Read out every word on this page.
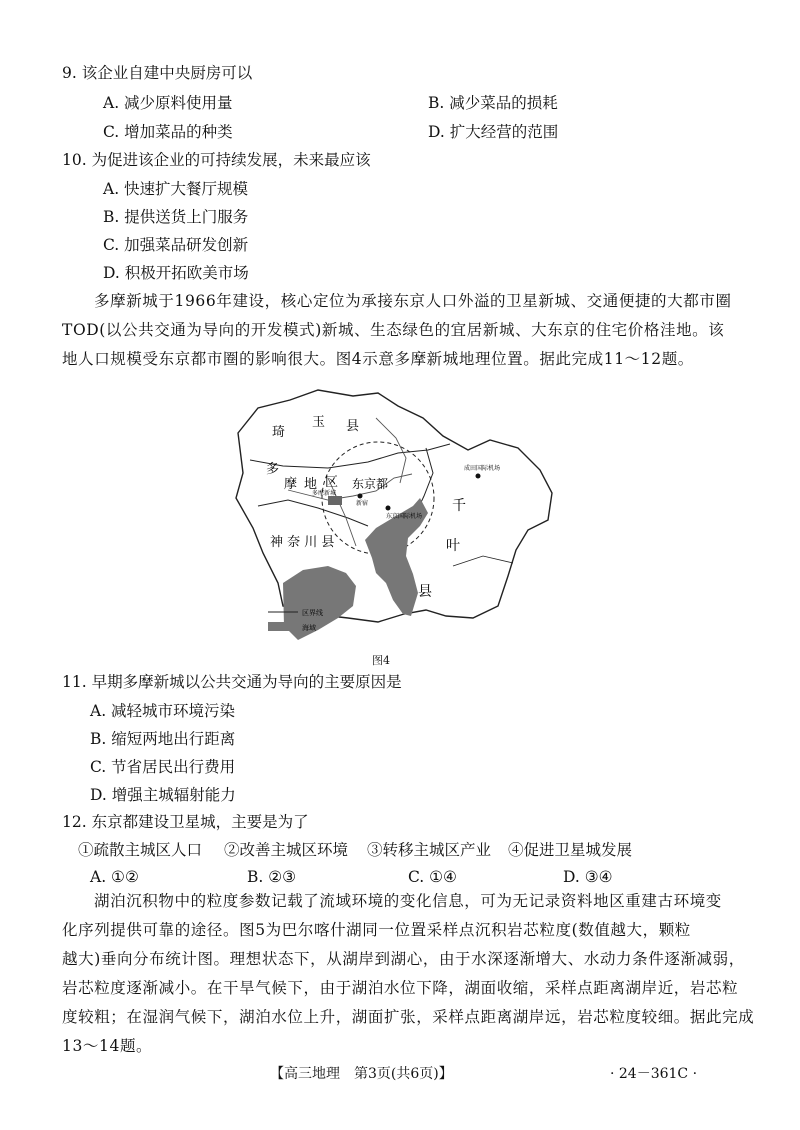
9. 该企业自建中央厨房可以
A. 减少原料使用量	B. 减少菜品的损耗
C. 增加菜品的种类	D. 扩大经营的范围
10. 为促进该企业的可持续发展，未来最应该
A. 快速扩大餐厅规模
B. 提供送货上门服务
C. 加强菜品研发创新
D. 积极开拓欧美市场
多摩新城于1966年建设，核心定位为承接东京人口外溢的卫星新城、交通便捷的大都市圈
TOD(以公共交通为导向的开发模式)新城、生态绿色的宜居新城、大东京的住宅价格洼地。该
地人口规模受东京都市圈的影响很大。图4示意多摩新城地理位置。据此完成11～12题。
琦
玉 县
多
摩 地 区 东京都
多摩新城
新宿
成田国际机场
东京国际机场
千
叶
县
神 奈 川 县
区界线
海域
图4
11. 早期多摩新城以公共交通为导向的主要原因是
A. 减轻城市环境污染
B. 缩短两地出行距离
C. 节省居民出行费用
D. 增强主城辐射能力
12. 东京都建设卫星城，主要是为了
①疏散主城区人口 ②改善主城区环境 ③转移主城区产业 ④促进卫星城发展
A. ①②	B. ②③	C. ①④	D. ③④
湖泊沉积物中的粒度参数记载了流域环境的变化信息，可为无记录资料地区重建古环境变
化序列提供可靠的途径。图5为巴尔喀什湖同一位置采样点沉积岩芯粒度(数值越大，颗粒
越大)垂向分布统计图。理想状态下，从湖岸到湖心，由于水深逐渐增大、水动力条件逐渐减弱，
岩芯粒度逐渐减小。在干旱气候下，由于湖泊水位下降，湖面收缩，采样点距离湖岸近，岩芯粒
度较粗；在湿润气候下，湖泊水位上升，湖面扩张，采样点距离湖岸远，岩芯粒度较细。据此完成
13～14题。
【高三地理　第3页(共6页)】	· 24－361C ·
